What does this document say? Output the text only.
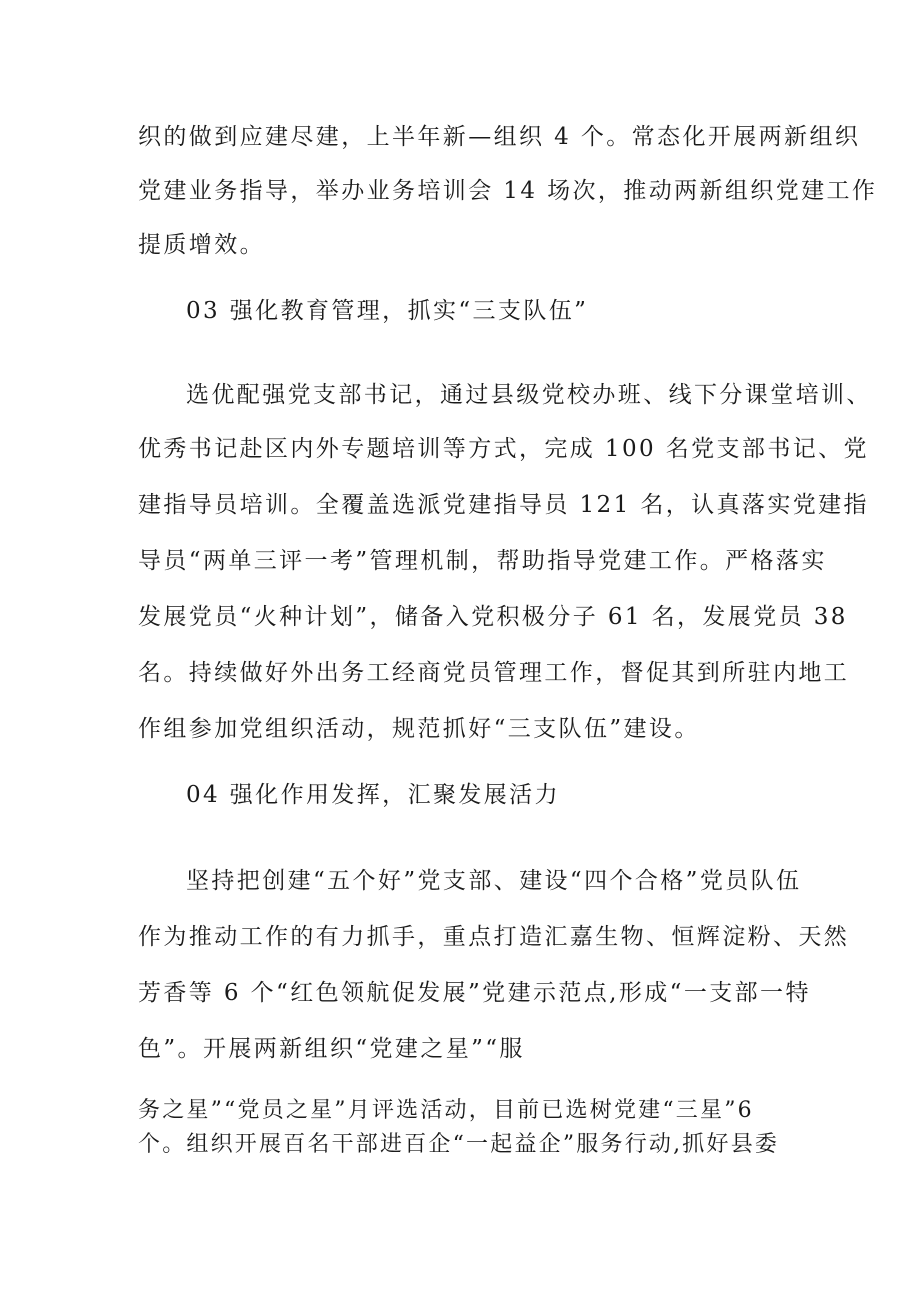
织的做到应建尽建，上半年新—组织 4 个。常态化开展两新组织
党建业务指导，举办业务培训会 14 场次，推动两新组织党建工作
提质增效。
03 强化教育管理，抓实“三支队伍”
选优配强党支部书记，通过县级党校办班、线下分课堂培训、
优秀书记赴区内外专题培训等方式，完成 100 名党支部书记、党
建指导员培训。全覆盖选派党建指导员 121 名，认真落实党建指
导员“两单三评一考”管理机制，帮助指导党建工作。严格落实
发展党员“火种计划”，储备入党积极分子 61 名，发展党员 38
名。持续做好外出务工经商党员管理工作，督促其到所驻内地工
作组参加党组织活动，规范抓好“三支队伍”建设。
04 强化作用发挥，汇聚发展活力
坚持把创建“五个好”党支部、建设“四个合格”党员队伍
作为推动工作的有力抓手，重点打造汇嘉生物、恒辉淀粉、天然
芳香等 6 个“红色领航促发展”党建示范点,形成“一支部一特
色”。开展两新组织“党建之星”“服
务之星”“党员之星”月评选活动，目前已选树党建“三星”6
个。组织开展百名干部进百企“一起益企”服务行动,抓好县委
